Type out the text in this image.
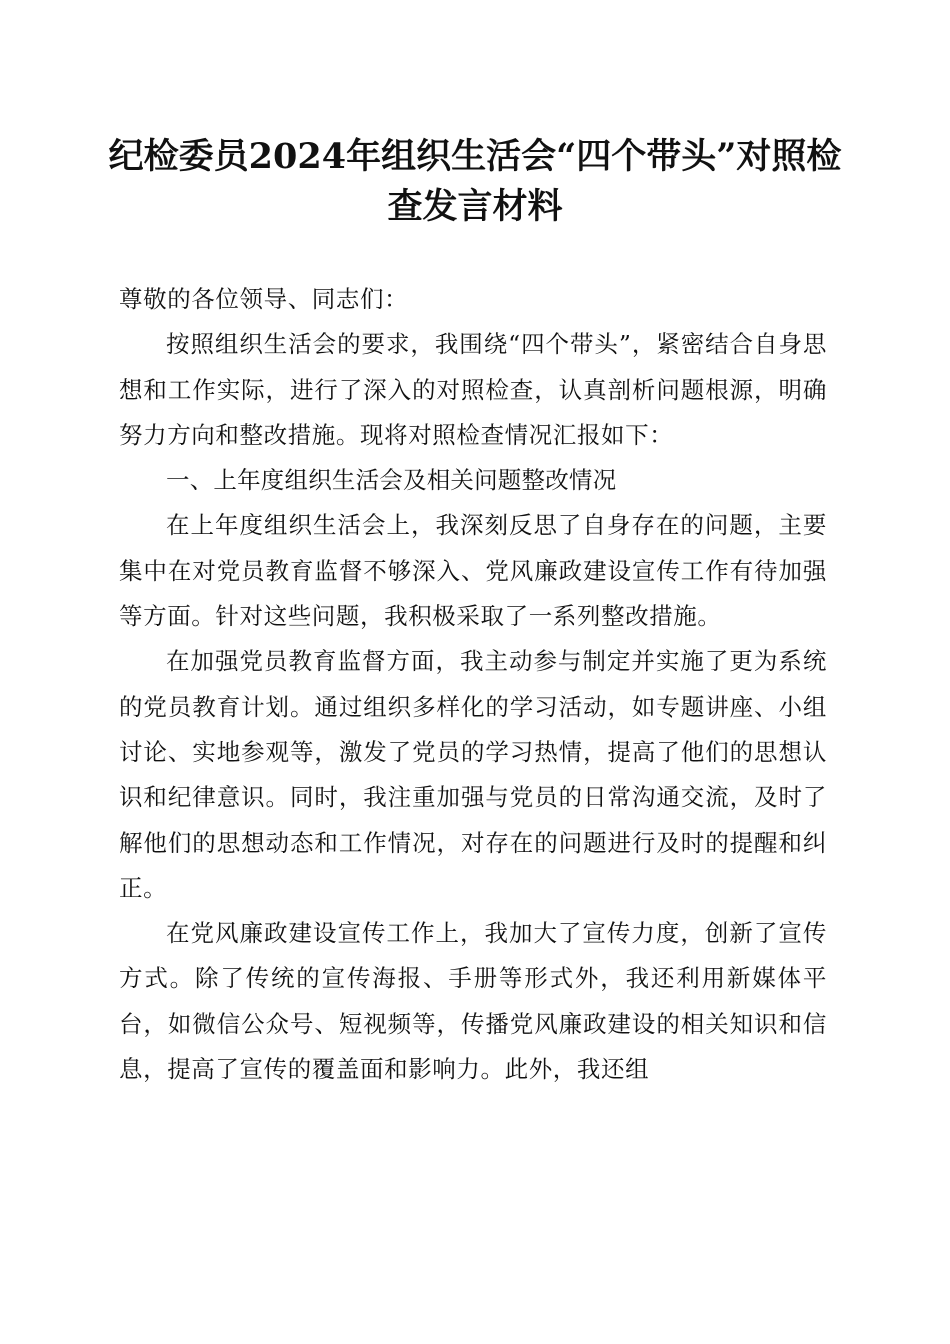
纪检委员2024年组织生活会“四个带头”对照检查发言材料

尊敬的各位领导、同志们：

按照组织生活会的要求，我围绕“四个带头”，紧密结合自身思想和工作实际，进行了深入的对照检查，认真剖析问题根源，明确努力方向和整改措施。现将对照检查情况汇报如下：

一、上年度组织生活会及相关问题整改情况

在上年度组织生活会上，我深刻反思了自身存在的问题，主要集中在对党员教育监督不够深入、党风廉政建设宣传工作有待加强等方面。针对这些问题，我积极采取了一系列整改措施。

在加强党员教育监督方面，我主动参与制定并实施了更为系统的党员教育计划。通过组织多样化的学习活动，如专题讲座、小组讨论、实地参观等，激发了党员的学习热情，提高了他们的思想认识和纪律意识。同时，我注重加强与党员的日常沟通交流，及时了解他们的思想动态和工作情况，对存在的问题进行及时的提醒和纠正。

在党风廉政建设宣传工作上，我加大了宣传力度，创新了宣传方式。除了传统的宣传海报、手册等形式外，我还利用新媒体平台，如微信公众号、短视频等，传播党风廉政建设的相关知识和信息，提高了宣传的覆盖面和影响力。此外，我还组
